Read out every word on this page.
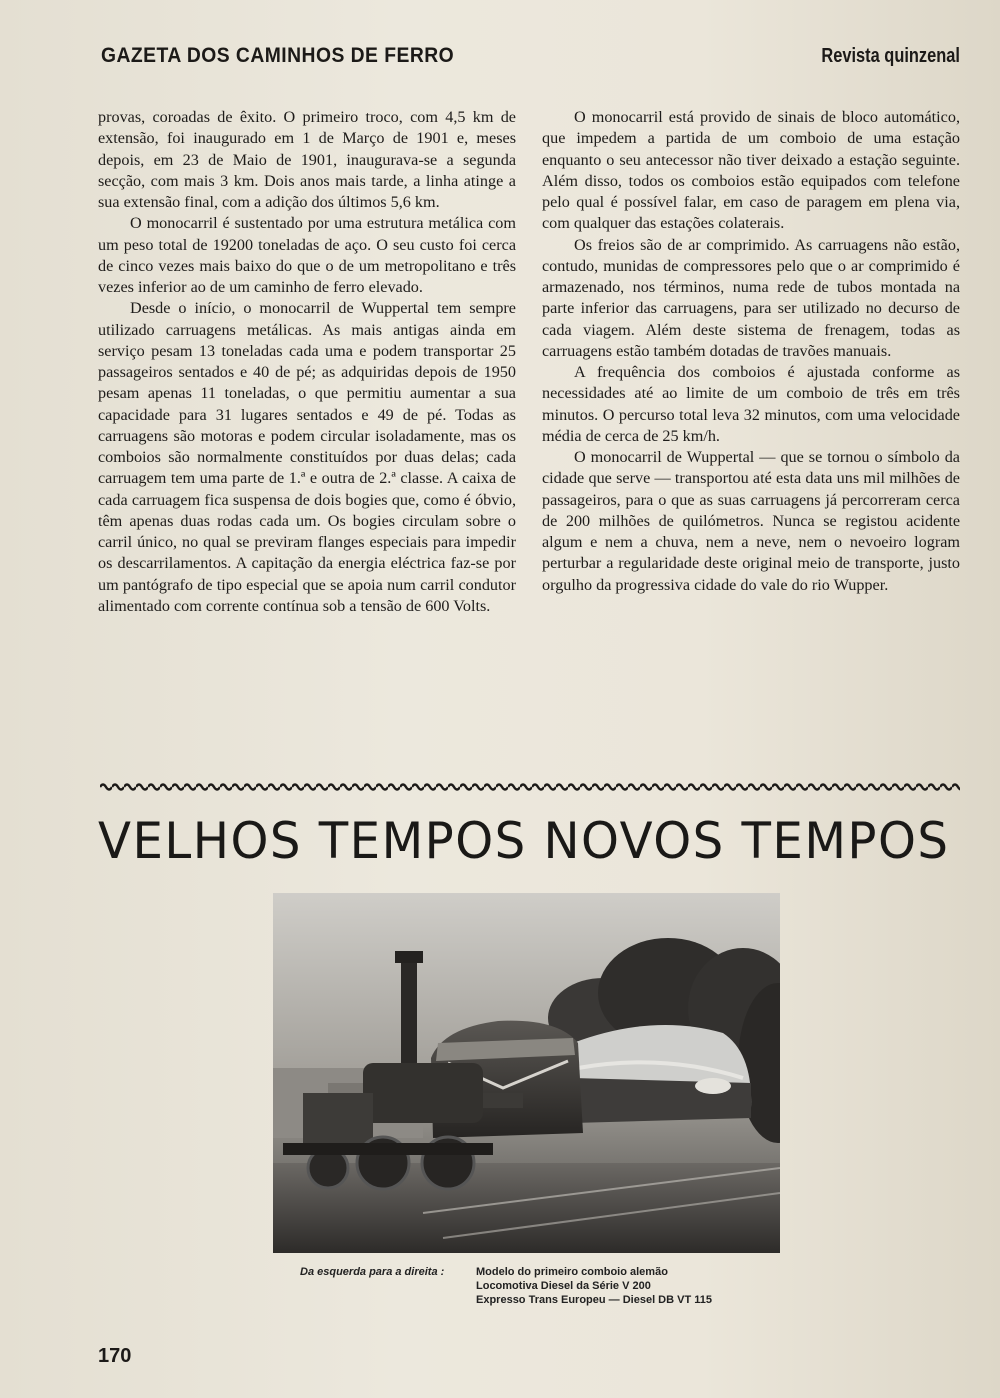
GAZETA DOS CAMINHOS DE FERRO	Revista quinzenal

provas, coroadas de êxito. O primeiro troco, com 4,5 km de extensão, foi inaugurado em 1 de Março de 1901 e, meses depois, em 23 de Maio de 1901, inaugurava-se a segunda secção, com mais 3 km. Dois anos mais tarde, a linha atinge a sua extensão final, com a adição dos últimos 5,6 km.

O monocarril é sustentado por uma estrutura metálica com um peso total de 19200 toneladas de aço. O seu custo foi cerca de cinco vezes mais baixo do que o de um metropolitano e três vezes inferior ao de um caminho de ferro elevado.

Desde o início, o monocarril de Wuppertal tem sempre utilizado carruagens metálicas. As mais antigas ainda em serviço pesam 13 toneladas cada uma e podem transportar 25 passageiros sentados e 40 de pé; as adquiridas depois de 1950 pesam apenas 11 toneladas, o que permitiu aumentar a sua capacidade para 31 lugares sentados e 49 de pé. Todas as carruagens são motoras e podem circular isoladamente, mas os comboios são normalmente constituídos por duas delas; cada carruagem tem uma parte de 1.ª e outra de 2.ª classe. A caixa de cada carruagem fica suspensa de dois bogies que, como é óbvio, têm apenas duas rodas cada um. Os bogies circulam sobre o carril único, no qual se previram flanges especiais para impedir os descarrilamentos. A capitação da energia eléctrica faz-se por um pantógrafo de tipo especial que se apoia num carril condutor alimentado com corrente contínua sob a tensão de 600 Volts.

O monocarril está provido de sinais de bloco automático, que impedem a partida de um comboio de uma estação enquanto o seu antecessor não tiver deixado a estação seguinte. Além disso, todos os comboios estão equipados com telefone pelo qual é possível falar, em caso de paragem em plena via, com qualquer das estações colaterais.

Os freios são de ar comprimido. As carruagens não estão, contudo, munidas de compressores pelo que o ar comprimido é armazenado, nos términos, numa rede de tubos montada na parte inferior das carruagens, para ser utilizado no decurso de cada viagem. Além deste sistema de frenagem, todas as carruagens estão também dotadas de travões manuais.

A frequência dos comboios é ajustada conforme as necessidades até ao limite de um comboio de três em três minutos. O percurso total leva 32 minutos, com uma velocidade média de cerca de 25 km/h.

O monocarril de Wuppertal — que se tornou o símbolo da cidade que serve — transportou até esta data uns mil milhões de passageiros, para o que as suas carruagens já percorreram cerca de 200 milhões de quilómetros. Nunca se registou acidente algum e nem a chuva, nem a neve, nem o nevoeiro logram perturbar a regularidade deste original meio de transporte, justo orgulho da progressiva cidade do vale do rio Wupper.

VELHOS TEMPOS NOVOS TEMPOS
Da esquerda para a direita :	Modelo do primeiro comboio alemão
Locomotiva Diesel da Série V 200
Expresso Trans Europeu — Diesel DB VT 115
170
